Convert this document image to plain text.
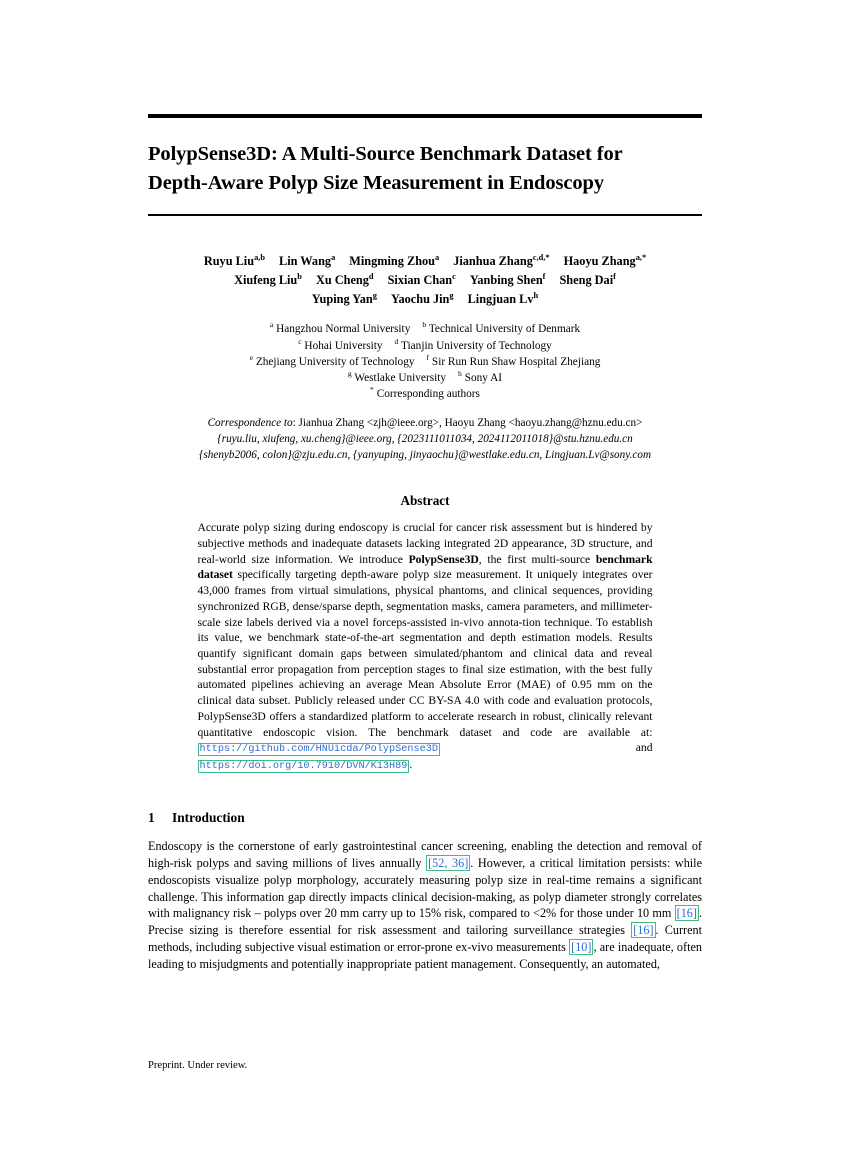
PolypSense3D: A Multi-Source Benchmark Dataset for
Depth-Aware Polyp Size Measurement in Endoscopy
Ruyu Liu$^{a,b}$ Lin Wang$^a$ Mingming Zhou$^a$ Jianhua Zhang$^{c,d,*}$ Haoyu Zhang$^{a,*}$
Xiufeng Liu$^b$ Xu Cheng$^d$ Sixian Chan$^c$ Yanbing Shen$^f$ Sheng Dai$^f$
Yuping Yan$^g$ Yaochu Jin$^g$ Lingjuan Lv$^h$
$^a$ Hangzhou Normal University $^b$ Technical University of Denmark
$^c$ Hohai University $^d$ Tianjin University of Technology
$^e$ Zhejiang University of Technology $^f$ Sir Run Run Shaw Hospital Zhejiang
$^g$ Westlake University $^h$ Sony AI
* Corresponding authors
Correspondence to: Jianhua Zhang <zjh@ieee.org>, Haoyu Zhang <haoyu.zhang@hznu.edu.cn>
{ruyu.liu, xiufeng, xu.cheng}@ieee.org, {2023111011034, 2024112011018}@stu.hznu.edu.cn
{shenyb2006, colon}@zju.edu.cn, {yanyuping, jinyaochu}@westlake.edu.cn, Lingjuan.Lv@sony.com
Abstract
Accurate polyp sizing during endoscopy is crucial for cancer risk assessment but is hindered by subjective methods and inadequate datasets lacking integrated 2D appearance, 3D structure, and real-world size information. We introduce PolypSense3D, the first multi-source benchmark dataset specifically targeting depth-aware polyp size measurement. It uniquely integrates over 43,000 frames from virtual simulations, physical phantoms, and clinical sequences, providing synchronized RGB, dense/sparse depth, segmentation masks, camera parameters, and millimeter-scale size labels derived via a novel forceps-assisted in-vivo annota-tion technique. To establish its value, we benchmark state-of-the-art segmentation and depth estimation models. Results quantify significant domain gaps between simulated/phantom and clinical data and reveal substantial error propagation from perception stages to final size estimation, with the best fully automated pipelines achieving an average Mean Absolute Error (MAE) of 0.95 mm on the clinical data subset. Publicly released under CC BY-SA 4.0 with code and evaluation protocols, PolypSense3D offers a standardized platform to accelerate research in robust, clinically relevant quantitative endoscopic vision. The benchmark dataset and code are available at: https://github.com/HNUicda/PolypSense3D and https://doi.org/10.7910/DVN/K13H89 .
1 Introduction
Endoscopy is the cornerstone of early gastrointestinal cancer screening, enabling the detection and removal of high-risk polyps and saving millions of lives annually [52, 36] . However, a critical limitation persists: while endoscopists visualize polyp morphology, accurately measuring polyp size in real-time remains a significant challenge. This information gap directly impacts clinical decision-making, as polyp diameter strongly correlates with malignancy risk – polyps over 20 mm carry up to 15% risk, compared to <2% for those under 10 mm [16] . Precise sizing is therefore essential for risk assessment and tailoring surveillance strategies [16] . Current methods, including subjective visual estimation or error-prone ex-vivo measurements [10] , are inadequate, often leading to misjudgments and potentially inappropriate patient management. Consequently, an automated,
Preprint. Under review.
